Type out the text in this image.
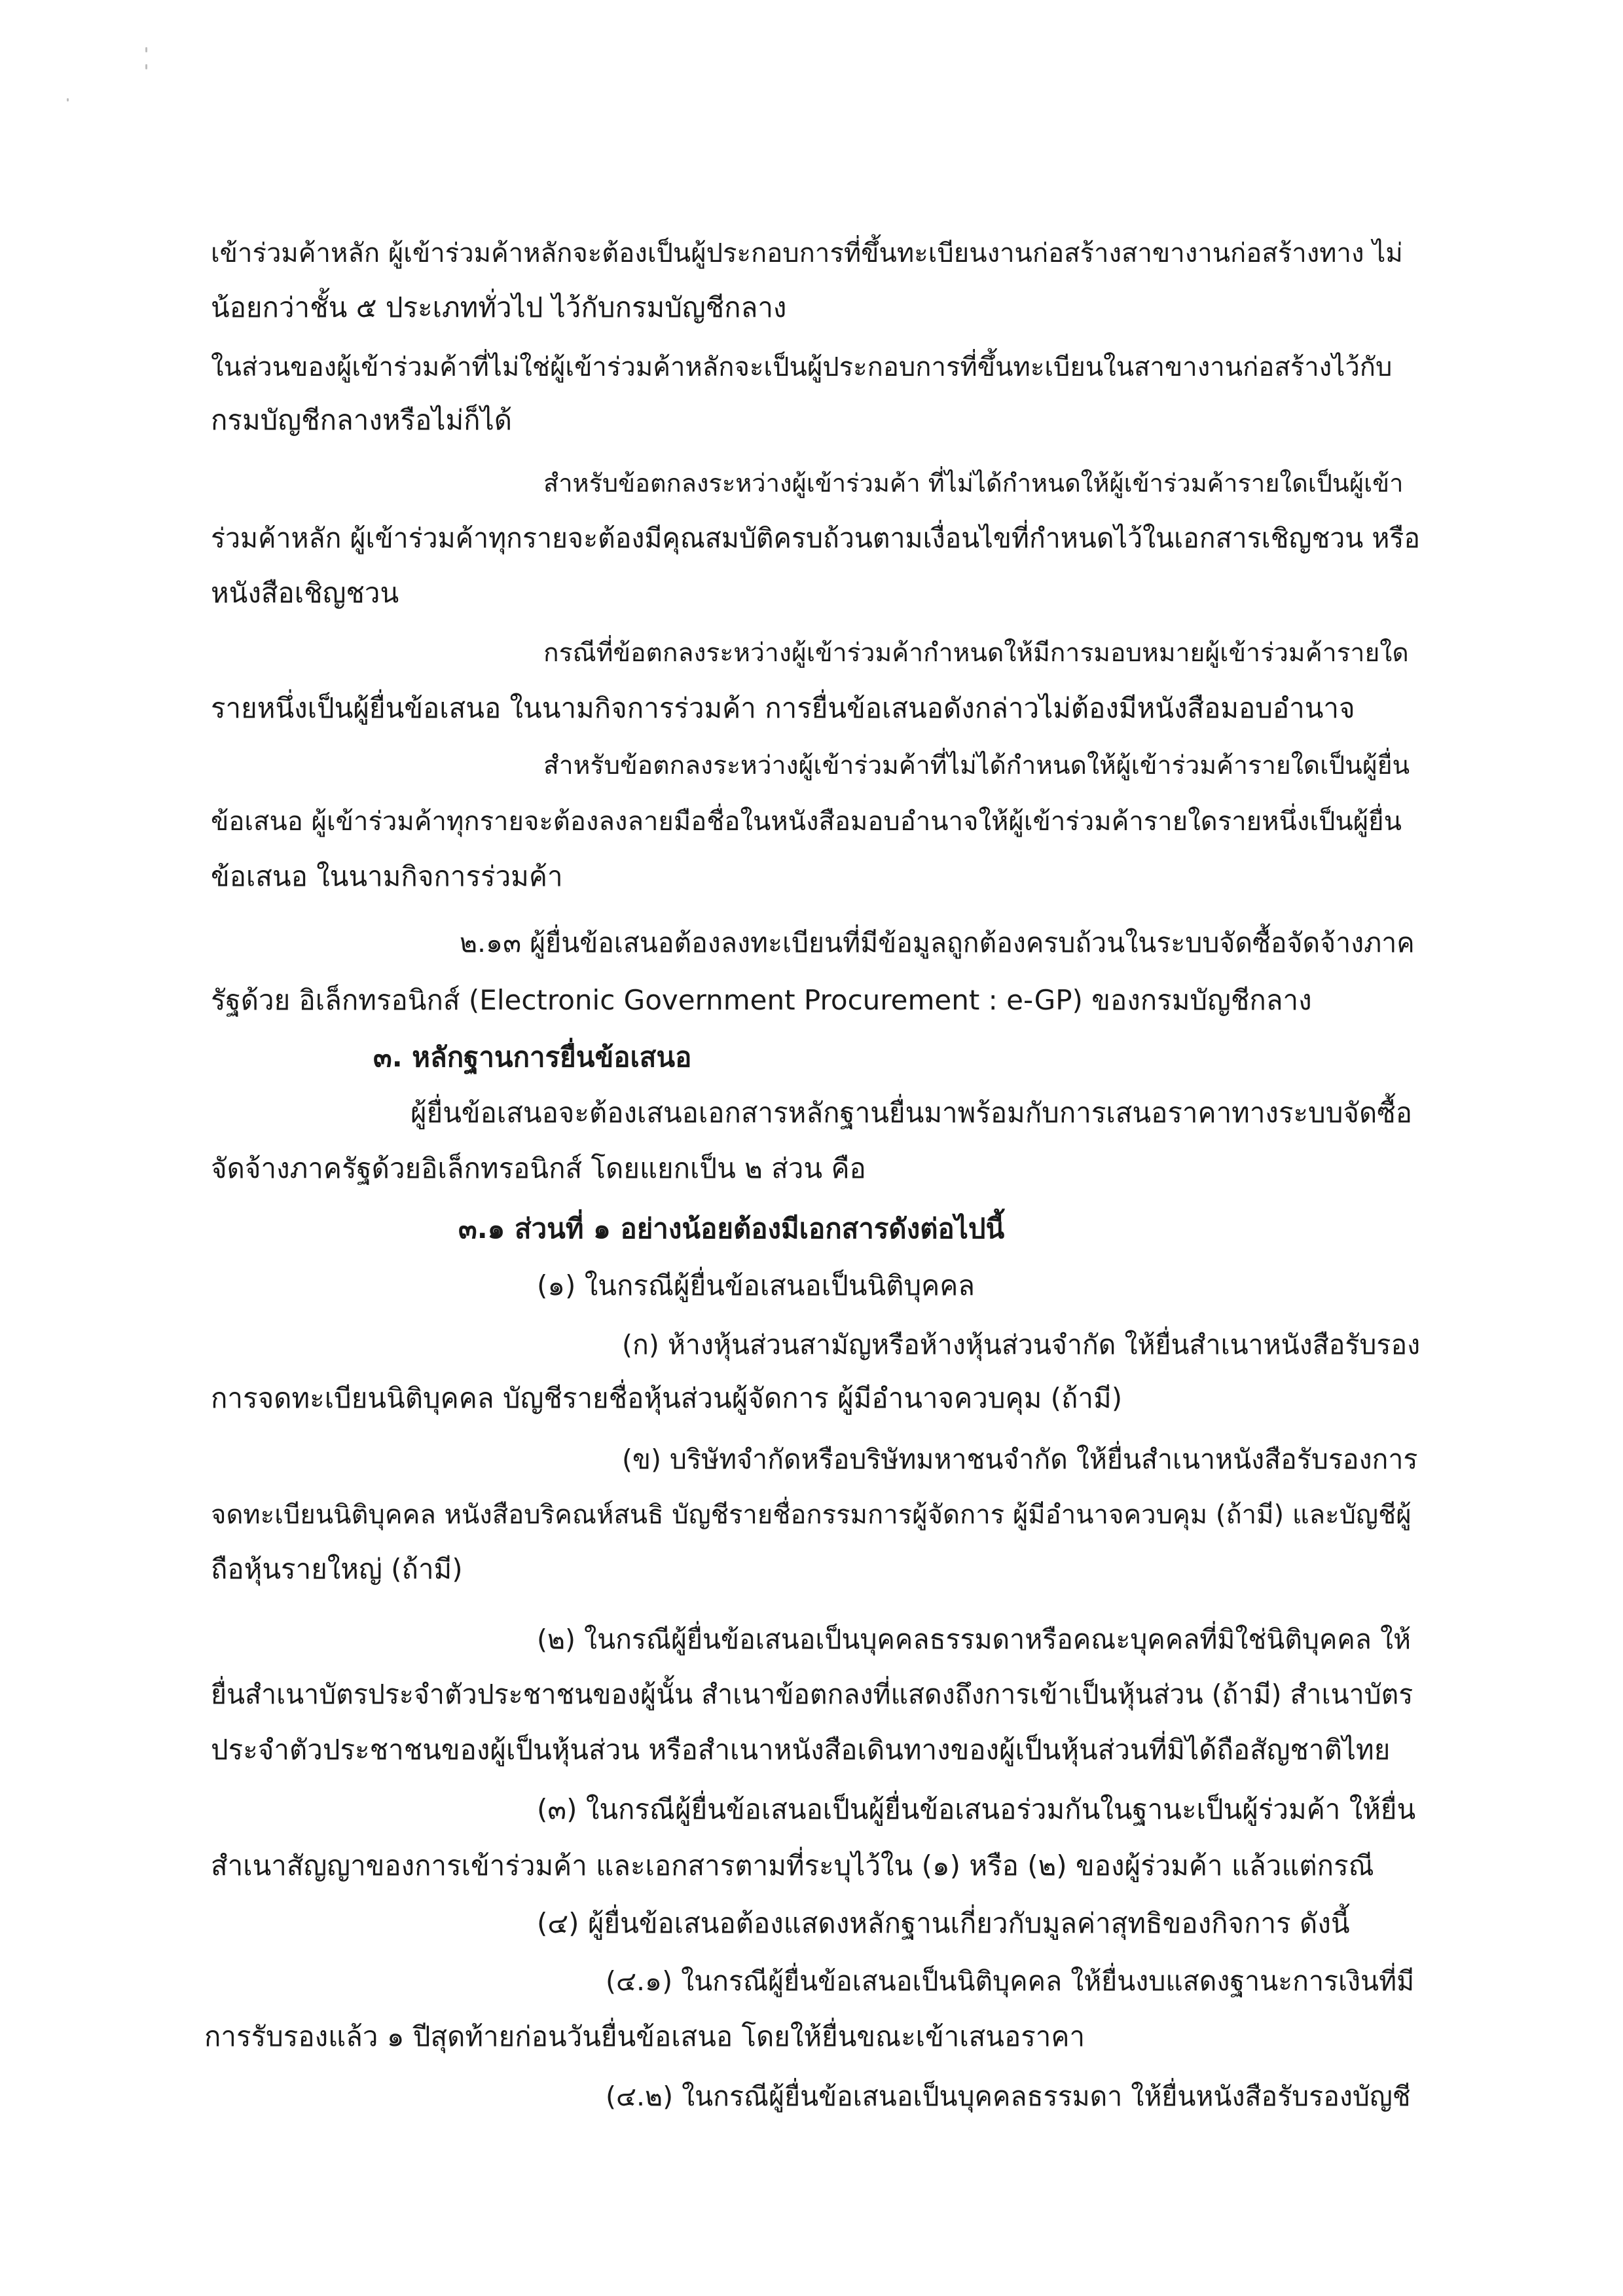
เข้าร่วมค้าหลัก ผู้เข้าร่วมค้าหลักจะต้องเป็นผู้ประกอบการที่ขึ้นทะเบียนงานก่อสร้างสาขางานก่อสร้างทาง ไม่

น้อยกว่าชั้น ๕ ประเภททั่วไป ไว้กับกรมบัญชีกลาง

ในส่วนของผู้เข้าร่วมค้าที่ไม่ใช่ผู้เข้าร่วมค้าหลักจะเป็นผู้ประกอบการที่ขึ้นทะเบียนในสาขางานก่อสร้างไว้กับ

กรมบัญชีกลางหรือไม่ก็ได้

สำหรับข้อตกลงระหว่างผู้เข้าร่วมค้า ที่ไม่ได้กำหนดให้ผู้เข้าร่วมค้ารายใดเป็นผู้เข้า

ร่วมค้าหลัก ผู้เข้าร่วมค้าทุกรายจะต้องมีคุณสมบัติครบถ้วนตามเงื่อนไขที่กำหนดไว้ในเอกสารเชิญชวน หรือ

หนังสือเชิญชวน

กรณีที่ข้อตกลงระหว่างผู้เข้าร่วมค้ากำหนดให้มีการมอบหมายผู้เข้าร่วมค้ารายใด

รายหนึ่งเป็นผู้ยื่นข้อเสนอ ในนามกิจการร่วมค้า การยื่นข้อเสนอดังกล่าวไม่ต้องมีหนังสือมอบอำนาจ

สำหรับข้อตกลงระหว่างผู้เข้าร่วมค้าที่ไม่ได้กำหนดให้ผู้เข้าร่วมค้ารายใดเป็นผู้ยื่น

ข้อเสนอ ผู้เข้าร่วมค้าทุกรายจะต้องลงลายมือชื่อในหนังสือมอบอำนาจให้ผู้เข้าร่วมค้ารายใดรายหนึ่งเป็นผู้ยื่น

ข้อเสนอ ในนามกิจการร่วมค้า

๒.๑๓ ผู้ยื่นข้อเสนอต้องลงทะเบียนที่มีข้อมูลถูกต้องครบถ้วนในระบบจัดซื้อจัดจ้างภาค

รัฐด้วย อิเล็กทรอนิกส์ (Electronic Government Procurement : e-GP) ของกรมบัญชีกลาง

๓. หลักฐานการยื่นข้อเสนอ

ผู้ยื่นข้อเสนอจะต้องเสนอเอกสารหลักฐานยื่นมาพร้อมกับการเสนอราคาทางระบบจัดซื้อ

จัดจ้างภาครัฐด้วยอิเล็กทรอนิกส์ โดยแยกเป็น ๒ ส่วน คือ

๓.๑ ส่วนที่ ๑ อย่างน้อยต้องมีเอกสารดังต่อไปนี้

(๑) ในกรณีผู้ยื่นข้อเสนอเป็นนิติบุคคล

(ก) ห้างหุ้นส่วนสามัญหรือห้างหุ้นส่วนจำกัด ให้ยื่นสำเนาหนังสือรับรอง

การจดทะเบียนนิติบุคคล บัญชีรายชื่อหุ้นส่วนผู้จัดการ ผู้มีอำนาจควบคุม (ถ้ามี)

(ข) บริษัทจำกัดหรือบริษัทมหาชนจำกัด ให้ยื่นสำเนาหนังสือรับรองการ

จดทะเบียนนิติบุคคล หนังสือบริคณห์สนธิ บัญชีรายชื่อกรรมการผู้จัดการ ผู้มีอำนาจควบคุม (ถ้ามี) และบัญชีผู้

ถือหุ้นรายใหญ่ (ถ้ามี)

(๒) ในกรณีผู้ยื่นข้อเสนอเป็นบุคคลธรรมดาหรือคณะบุคคลที่มิใช่นิติบุคคล ให้

ยื่นสำเนาบัตรประจำตัวประชาชนของผู้นั้น สำเนาข้อตกลงที่แสดงถึงการเข้าเป็นหุ้นส่วน (ถ้ามี) สำเนาบัตร

ประจำตัวประชาชนของผู้เป็นหุ้นส่วน หรือสำเนาหนังสือเดินทางของผู้เป็นหุ้นส่วนที่มิได้ถือสัญชาติไทย

(๓) ในกรณีผู้ยื่นข้อเสนอเป็นผู้ยื่นข้อเสนอร่วมกันในฐานะเป็นผู้ร่วมค้า ให้ยื่น

สำเนาสัญญาของการเข้าร่วมค้า และเอกสารตามที่ระบุไว้ใน (๑) หรือ (๒) ของผู้ร่วมค้า แล้วแต่กรณี

(๔) ผู้ยื่นข้อเสนอต้องแสดงหลักฐานเกี่ยวกับมูลค่าสุทธิของกิจการ ดังนี้

(๔.๑) ในกรณีผู้ยื่นข้อเสนอเป็นนิติบุคคล ให้ยื่นงบแสดงฐานะการเงินที่มี

การรับรองแล้ว ๑ ปีสุดท้ายก่อนวันยื่นข้อเสนอ โดยให้ยื่นขณะเข้าเสนอราคา

(๔.๒) ในกรณีผู้ยื่นข้อเสนอเป็นบุคคลธรรมดา ให้ยื่นหนังสือรับรองบัญชี
